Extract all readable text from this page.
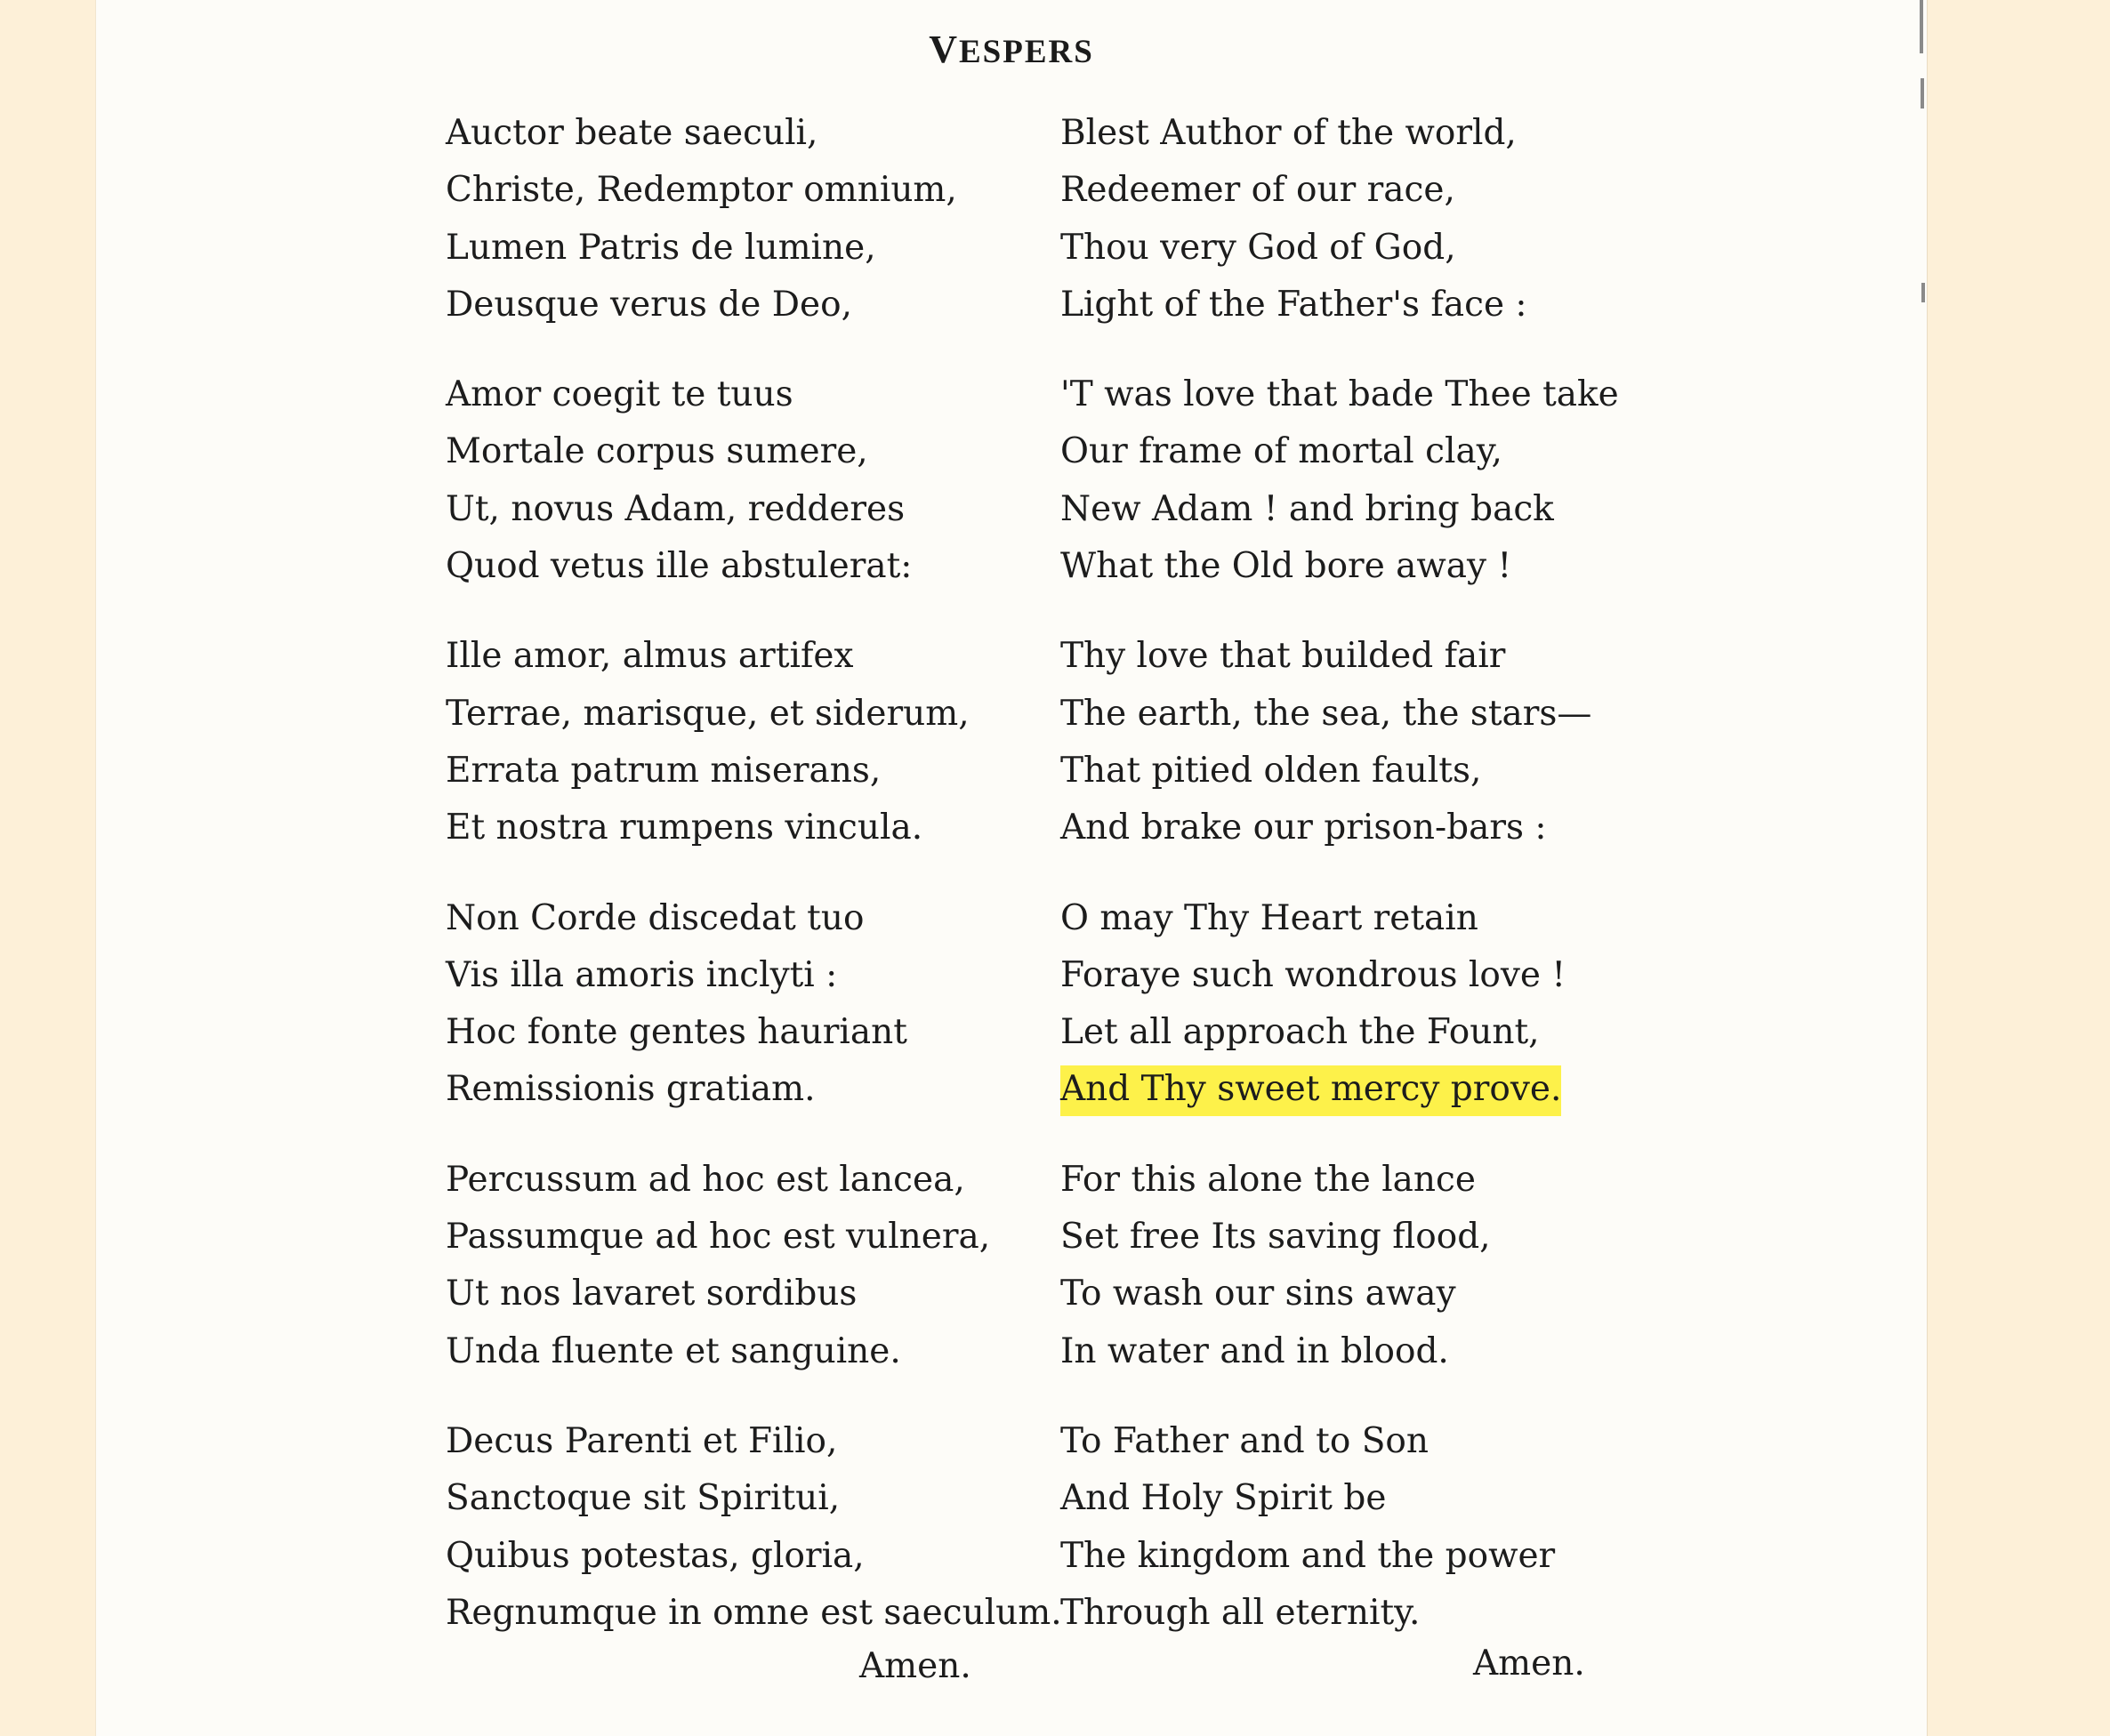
VESPERS
Auctor beate saeculi,
Christe, Redemptor omnium,
Lumen Patris de lumine,
Deusque verus de Deo,
Amor coegit te tuus
Mortale corpus sumere,
Ut, novus Adam, redderes
Quod vetus ille abstulerat:
Ille amor, almus artifex
Terrae, marisque, et siderum,
Errata patrum miserans,
Et nostra rumpens vincula.
Non Corde discedat tuo
Vis illa amoris inclyti :
Hoc fonte gentes hauriant
Remissionis gratiam.
Percussum ad hoc est lancea,
Passumque ad hoc est vulnera,
Ut nos lavaret sordibus
Unda fluente et sanguine.
Decus Parenti et Filio,
Sanctoque sit Spiritui,
Quibus potestas, gloria,
Regnumque in omne est saeculum.
Blest Author of the world,
Redeemer of our race,
Thou very God of God,
Light of the Father's face :
'T was love that bade Thee take
Our frame of mortal clay,
New Adam ! and bring back
What the Old bore away !
Thy love that builded fair
The earth, the sea, the stars—
That pitied olden faults,
And brake our prison-bars :
O may Thy Heart retain
Foraye such wondrous love !
Let all approach the Fount,
And Thy sweet mercy prove.
For this alone the lance
Set free Its saving flood,
To wash our sins away
In water and in blood.
To Father and to Son
And Holy Spirit be
The kingdom and the power
Through all eternity.
Amen.	Amen.
